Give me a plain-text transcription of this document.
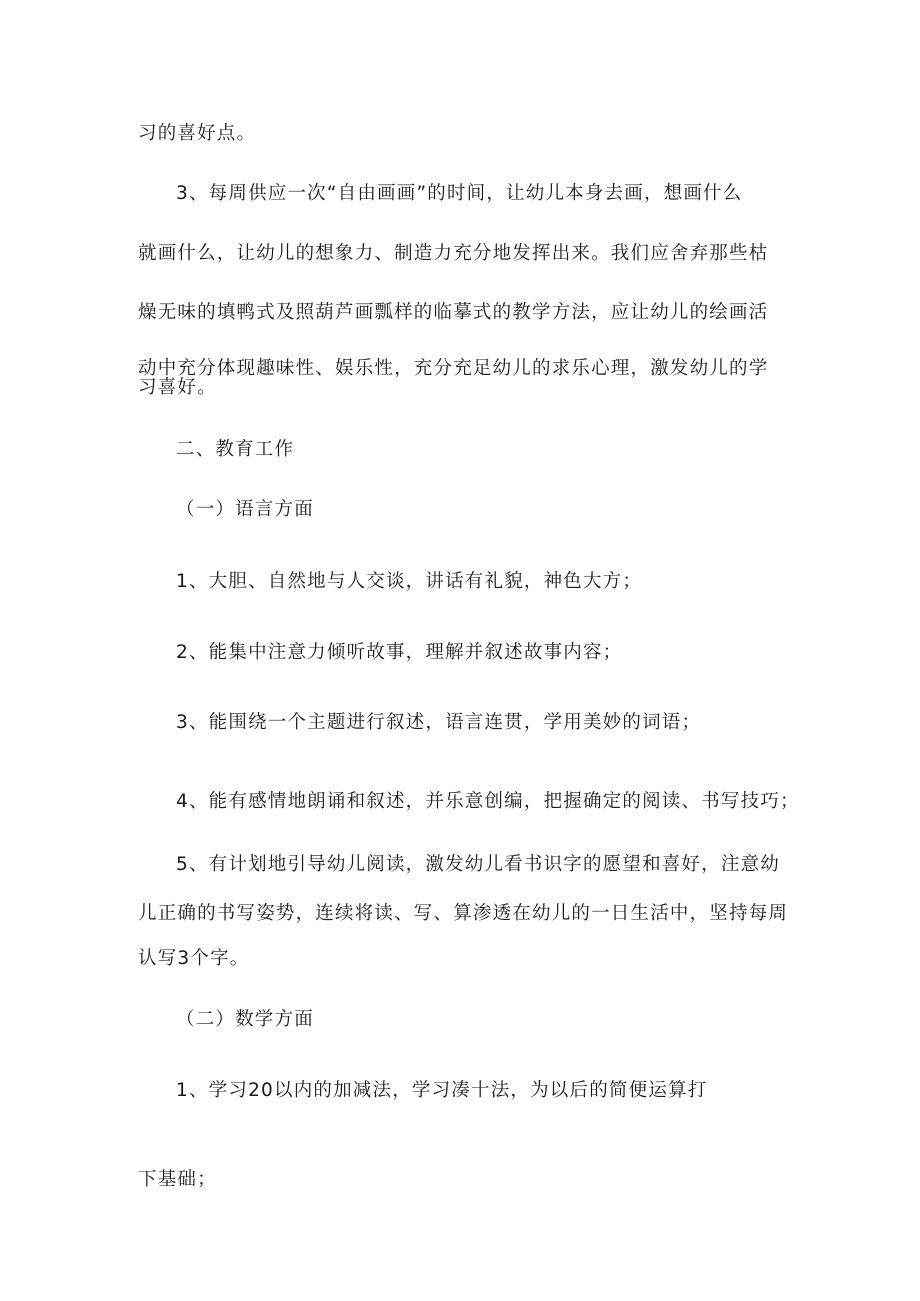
习的喜好点。
3、每周供应一次“自由画画”的时间，让幼儿本身去画，想画什么
就画什么，让幼儿的想象力、制造力充分地发挥出来。我们应舍弃那些枯
燥无味的填鸭式及照葫芦画瓢样的临摹式的教学方法，应让幼儿的绘画活
动中充分体现趣味性、娱乐性，充分充足幼儿的求乐心理，激发幼儿的学
习喜好。
二、教育工作
（一）语言方面
1、大胆、自然地与人交谈，讲话有礼貌，神色大方；
2、能集中注意力倾听故事，理解并叙述故事内容；
3、能围绕一个主题进行叙述，语言连贯，学用美妙的词语；
4、能有感情地朗诵和叙述，并乐意创编，把握确定的阅读、书写技巧；
5、有计划地引导幼儿阅读，激发幼儿看书识字的愿望和喜好，注意幼
儿正确的书写姿势，连续将读、写、算渗透在幼儿的一日生活中，坚持每周
认写3个字。
（二）数学方面
1、学习20以内的加减法，学习凑十法，为以后的简便运算打
下基础；
